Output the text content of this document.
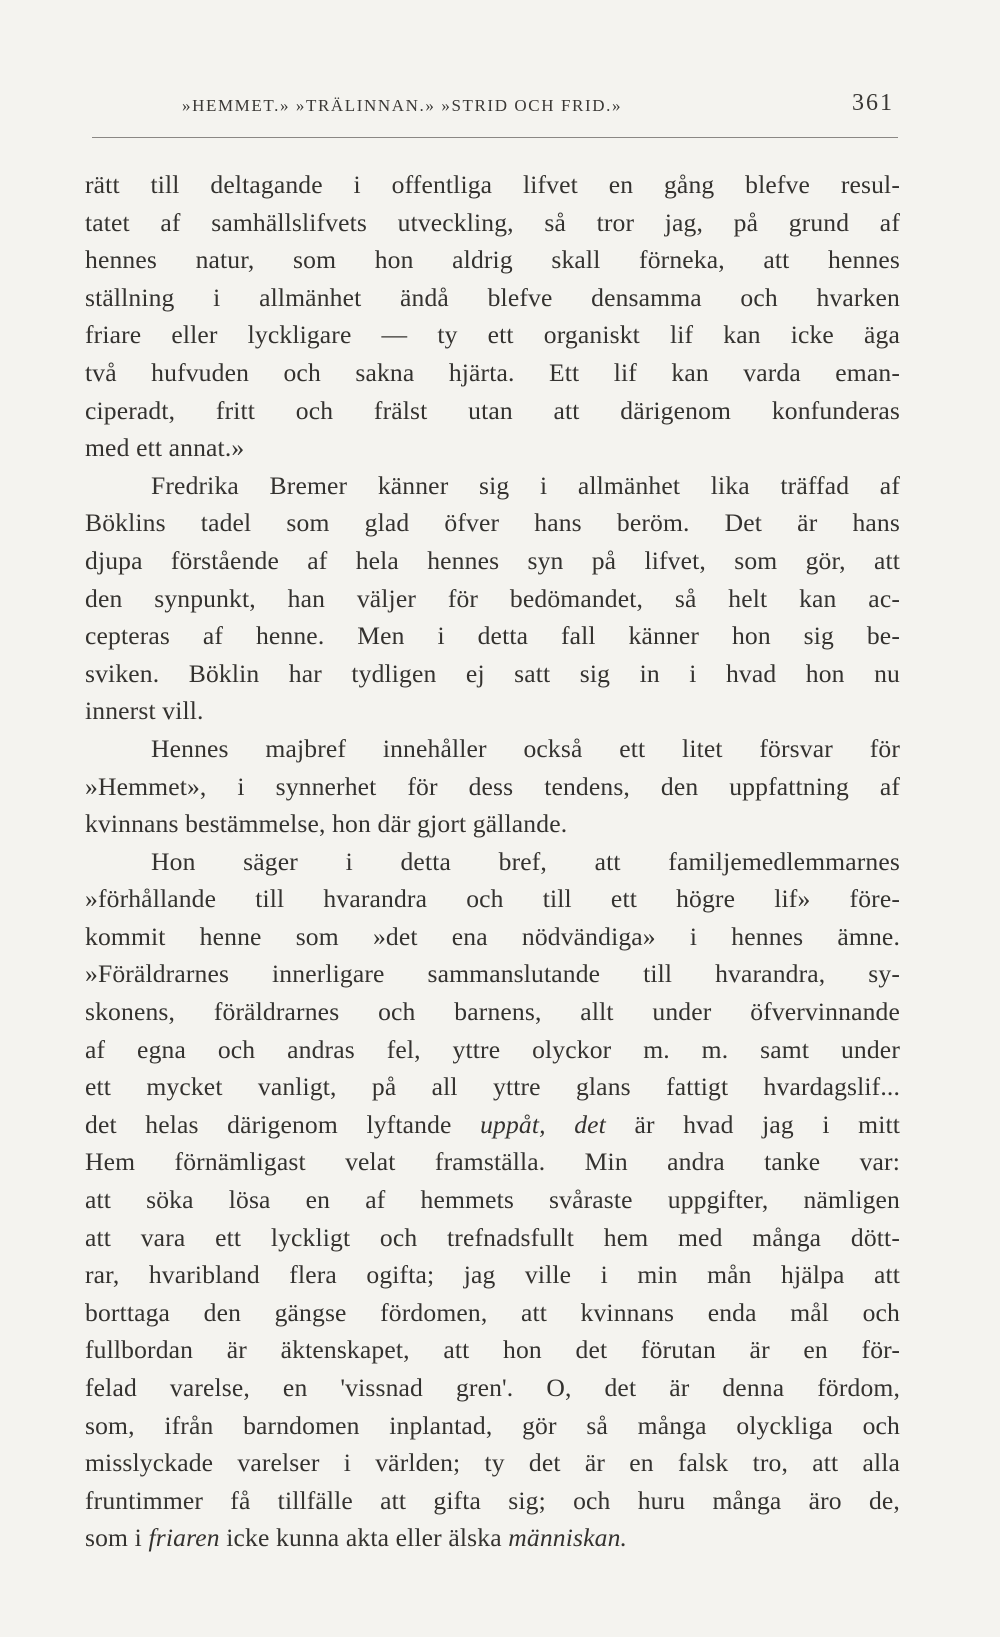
»HEMMET.» »TRÄLINNAN.» »STRID OCH FRID.»	361
rätt till deltagande i offentliga lifvet en gång blefve resul-
tatet af samhällslifvets utveckling, så tror jag, på grund af
hennes natur, som hon aldrig skall förneka, att hennes
ställning i allmänhet ändå blefve densamma och hvarken
friare eller lyckligare — ty ett organiskt lif kan icke äga
två hufvuden och sakna hjärta. Ett lif kan varda eman-
ciperadt, fritt och frälst utan att därigenom konfunderas
med ett annat.»
Fredrika Bremer känner sig i allmänhet lika träffad af
Böklins tadel som glad öfver hans beröm. Det är hans
djupa förstående af hela hennes syn på lifvet, som gör, att
den synpunkt, han väljer för bedömandet, så helt kan ac-
cepteras af henne. Men i detta fall känner hon sig be-
sviken. Böklin har tydligen ej satt sig in i hvad hon nu
innerst vill.
Hennes majbref innehåller också ett litet försvar för
»Hemmet», i synnerhet för dess tendens, den uppfattning af
kvinnans bestämmelse, hon där gjort gällande.
Hon säger i detta bref, att familjemedlemmarnes
»förhållande till hvarandra och till ett högre lif» före-
kommit henne som »det ena nödvändiga» i hennes ämne.
»Föräldrarnes innerligare sammanslutande till hvarandra, sy-
skonens, föräldrarnes och barnens, allt under öfvervinnande
af egna och andras fel, yttre olyckor m. m. samt under
ett mycket vanligt, på all yttre glans fattigt hvardagslif...
det helas därigenom lyftande uppåt, det är hvad jag i mitt
Hem förnämligast velat framställa. Min andra tanke var:
att söka lösa en af hemmets svåraste uppgifter, nämligen
att vara ett lyckligt och trefnadsfullt hem med många dött-
rar, hvaribland flera ogifta; jag ville i min mån hjälpa att
borttaga den gängse fördomen, att kvinnans enda mål och
fullbordan är äktenskapet, att hon det förutan är en för-
felad varelse, en 'vissnad gren'. O, det är denna fördom,
som, ifrån barndomen inplantad, gör så många olyckliga och
misslyckade varelser i världen; ty det är en falsk tro, att alla
fruntimmer få tillfälle att gifta sig; och huru många äro de,
som i friaren icke kunna akta eller älska människan.
